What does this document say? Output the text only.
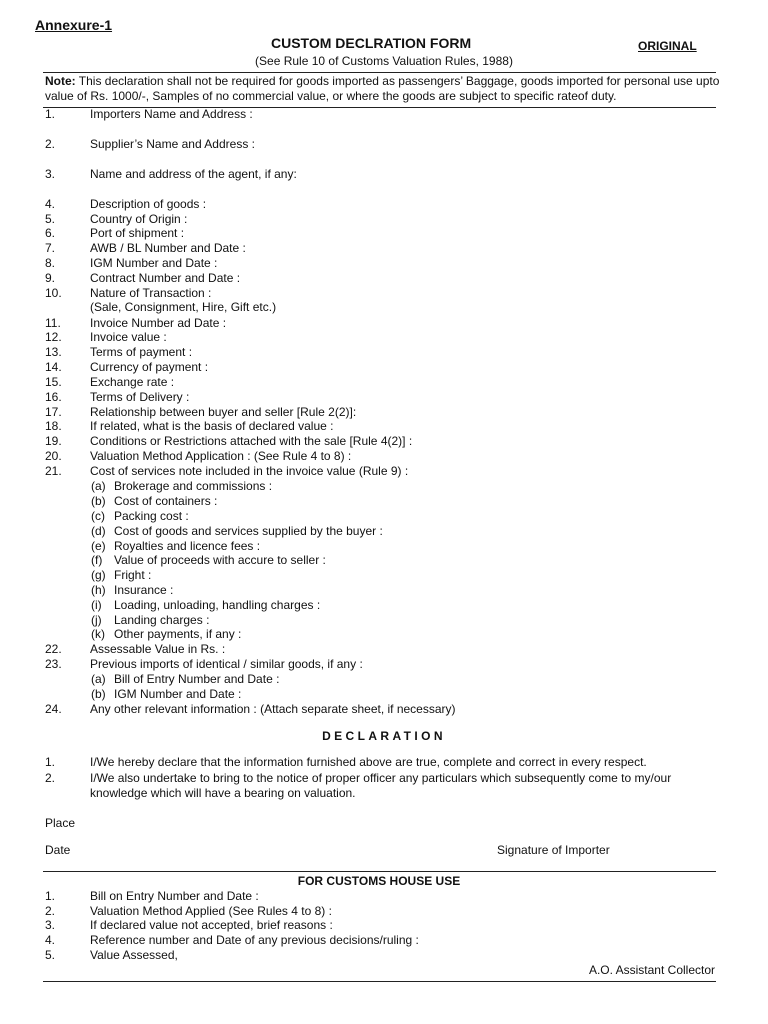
Annexure-1
CUSTOM DECLRATION FORM	ORIGINAL
(See Rule 10 of Customs Valuation Rules, 1988)
Note: This declaration shall not be required for goods imported as passengers’ Baggage, goods imported for personal use upto value of Rs. 1000/-, Samples of no commercial value, or where the goods are subject to specific rateof duty.
1.	Importers Name and Address :
2.	Supplier’s Name and Address :
3.	Name and address of the agent, if any:
4.	Description of goods :
5.	Country of Origin :
6.	Port of shipment :
7.	AWB / BL Number and Date :
8.	IGM Number and Date :
9.	Contract Number and Date :
10. Nature of Transaction :
(Sale, Consignment, Hire, Gift etc.)
11. Invoice Number ad Date :
12. Invoice value :
13. Terms of payment :
14. Currency of payment :
15. Exchange rate :
16. Terms of Delivery :
17. Relationship between buyer and seller [Rule 2(2)]:
18. If related, what is the basis of declared value :
19. Conditions or Restrictions attached with the sale [Rule 4(2)] :
20. Valuation Method Application : (See Rule 4 to 8) :
21. Cost of services note included in the invoice value (Rule 9) :
(a) Brokerage and commissions :
(b) Cost of containers :
(c) Packing cost :
(d) Cost of goods and services supplied by the buyer :
(e) Royalties and licence fees :
(f) Value of proceeds with accure to seller :
(g) Fright :
(h) Insurance :
(i) Loading, unloading, handling charges :
(j) Landing charges :
(k) Other payments, if any :
22. Assessable Value in Rs. :
23. Previous imports of identical / similar goods, if any :
(a) Bill of Entry Number and Date :
(b) IGM Number and Date :
24. Any other relevant information : (Attach separate sheet, if necessary)
DECLARATION
1.	I/We hereby declare that the information furnished above are true, complete and correct in every respect.
2.	I/We also undertake to bring to the notice of proper officer any particulars which subsequently come to my/our knowledge which will have a bearing on valuation.
Place
Date	Signature of Importer
FOR CUSTOMS HOUSE USE
1.	Bill on Entry Number and Date :
2.	Valuation Method Applied (See Rules 4 to 8) :
3.	If declared value not accepted, brief reasons :
4.	Reference number and Date of any previous decisions/ruling :
5.	Value Assessed,
A.O. Assistant Collector
